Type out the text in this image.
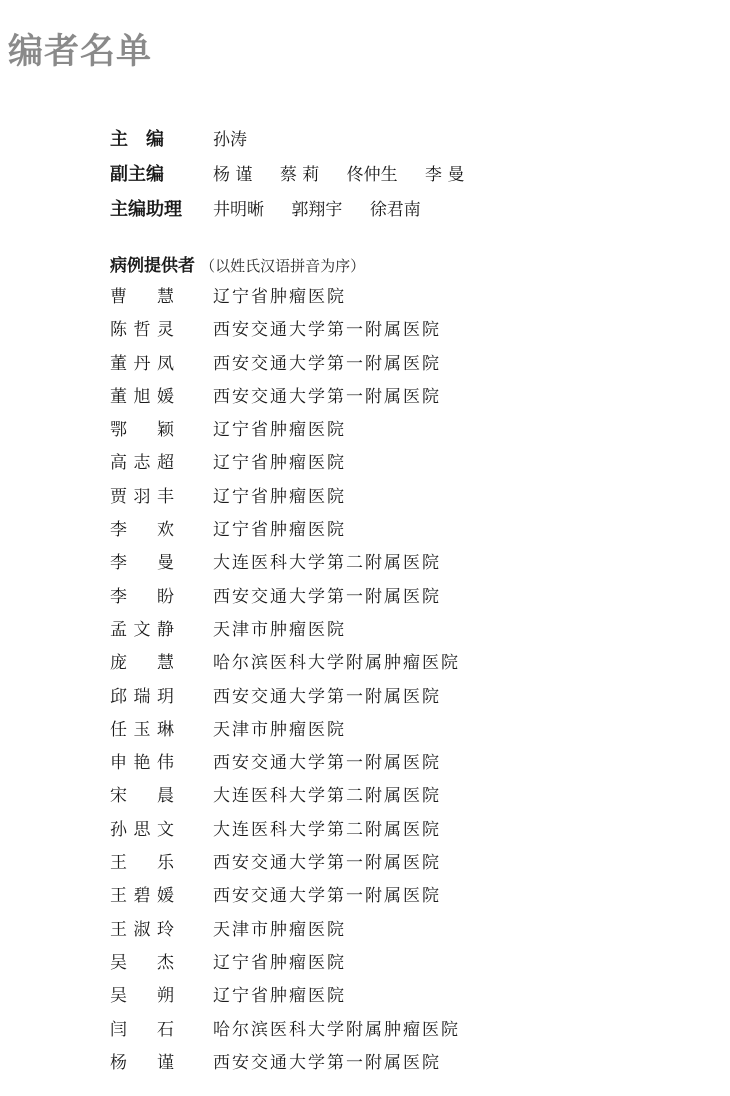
编者名单
主　编	孙涛
副主编	杨 谨 蔡 莉 佟仲生 李 曼
主编助理 井明晰 郭翔宇 徐君南
病例提供者 （以姓氏汉语拼音为序）
曹慧 辽宁省肿瘤医院
陈哲灵 西安交通大学第一附属医院
董丹凤 西安交通大学第一附属医院
董旭媛 西安交通大学第一附属医院
鄂颖 辽宁省肿瘤医院
高志超 辽宁省肿瘤医院
贾羽丰 辽宁省肿瘤医院
李欢 辽宁省肿瘤医院
李曼 大连医科大学第二附属医院
李盼 西安交通大学第一附属医院
孟文静 天津市肿瘤医院
庞慧 哈尔滨医科大学附属肿瘤医院
邱瑞玥 西安交通大学第一附属医院
任玉琳 天津市肿瘤医院
申艳伟 西安交通大学第一附属医院
宋晨 大连医科大学第二附属医院
孙思文 大连医科大学第二附属医院
王乐 西安交通大学第一附属医院
王碧媛 西安交通大学第一附属医院
王淑玲 天津市肿瘤医院
吴杰 辽宁省肿瘤医院
吴朔 辽宁省肿瘤医院
闫石 哈尔滨医科大学附属肿瘤医院
杨谨 西安交通大学第一附属医院
